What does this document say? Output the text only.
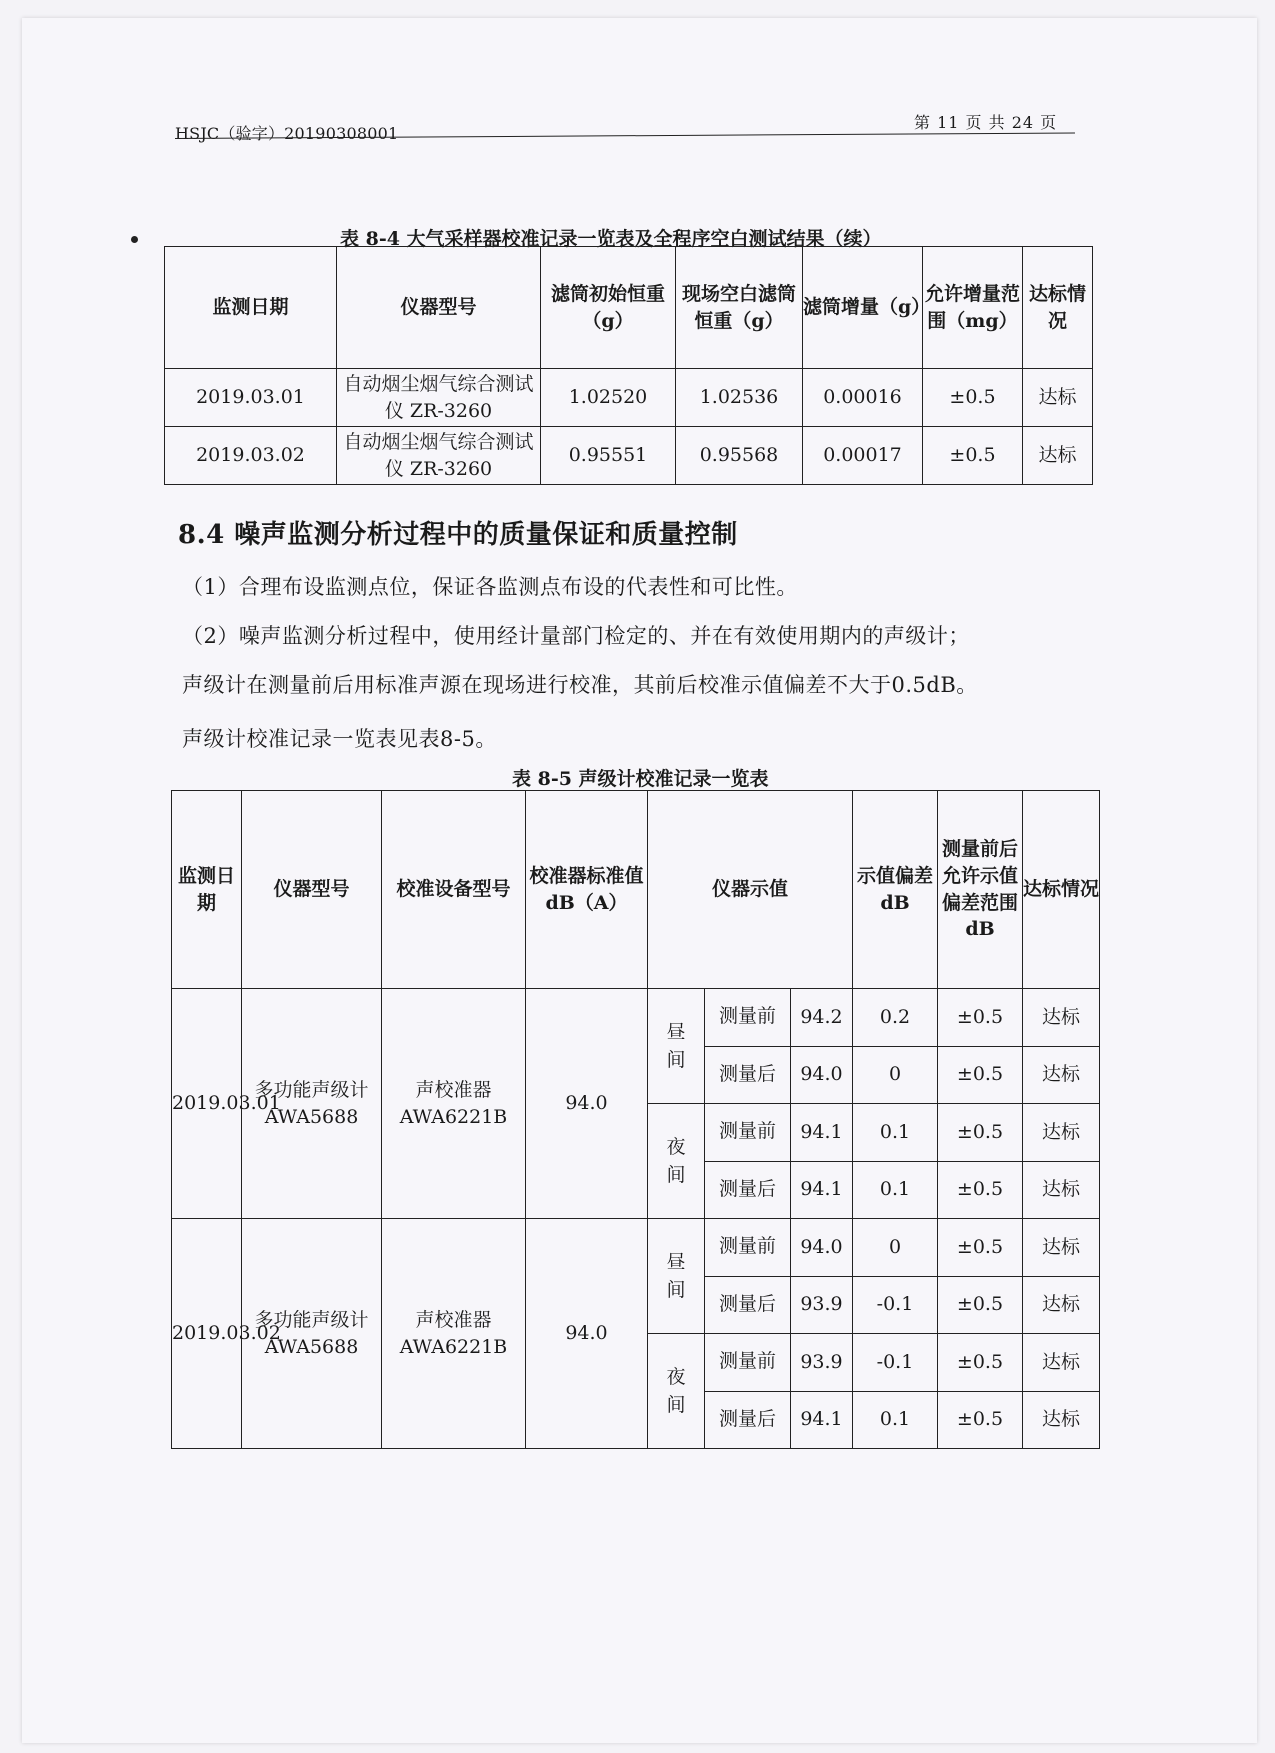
HSJC（验字）20190308001
第 11 页 共 24 页
表 8-4 大气采样器校准记录一览表及全程序空白测试结果（续）
监测日期	仪器型号	滤筒初始恒重（g）	现场空白滤筒恒重（g）	滤筒增量（g）	允许增量范围（mg）	达标情况
2019.03.01	自动烟尘烟气综合测试仪 ZR-3260	1.02520	1.02536	0.00016	±0.5	达标
2019.03.02	自动烟尘烟气综合测试仪 ZR-3260	0.95551	0.95568	0.00017	±0.5	达标
8.4 噪声监测分析过程中的质量保证和质量控制
（1）合理布设监测点位，保证各监测点布设的代表性和可比性。
（2）噪声监测分析过程中，使用经计量部门检定的、并在有效使用期内的声级计；
声级计在测量前后用标准声源在现场进行校准，其前后校准示值偏差不大于0.5dB。
声级计校准记录一览表见表8-5。
表 8-5 声级计校准记录一览表
监测日期	仪器型号	校准设备型号	校准器标准值 dB（A）	仪器示值			示值偏差 dB	测量前后允许示值偏差范围 dB	达标情况
2019.03.01	多功能声级计 AWA5688	声校准器 AWA6221B	94.0	昼间	测量前	94.2	0.2	±0.5	达标
					测量后	94.0	0	±0.5	达标
				夜间	测量前	94.1	0.1	±0.5	达标
					测量后	94.1	0.1	±0.5	达标
2019.03.02	多功能声级计 AWA5688	声校准器 AWA6221B	94.0	昼间	测量前	94.0	0	±0.5	达标
					测量后	93.9	-0.1	±0.5	达标
				夜间	测量前	93.9	-0.1	±0.5	达标
					测量后	94.1	0.1	±0.5	达标
